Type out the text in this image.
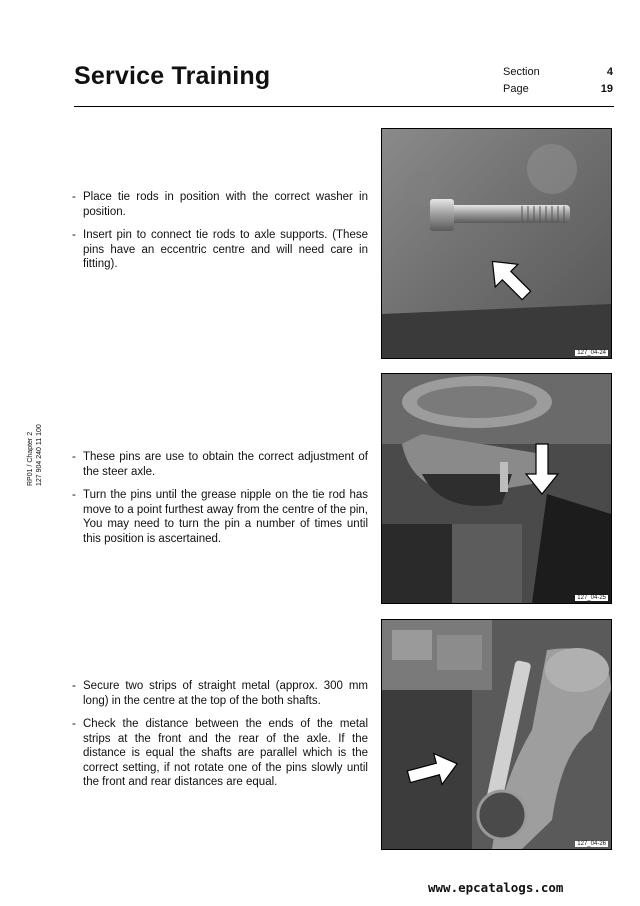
Service Training	Section	4
Page	19
RP01 / Chapter 2 127 904 240 11 100
- Place tie rods in position with the correct washer in position.
- Insert pin to connect tie rods to axle supports. (These pins have an eccentric centre and will need care in fitting).
127_04-24
- These pins are use to obtain the correct adjustment of the steer axle.
- Turn the pins until the grease nipple on the tie rod has move to a point furthest away from the centre of the pin, You may need to turn the pin a number of times until this position is ascertained.
127_04-25
- Secure two strips of straight metal (approx. 300 mm long) in the centre at the top of the both shafts.
- Check the distance between the ends of the metal strips at the front and the rear of the axle. If the distance is equal the shafts are parallel which is the correct setting, if not rotate one of the pins slowly until the front and rear distances are equal.
127_04-26
www.epcatalogs.com
